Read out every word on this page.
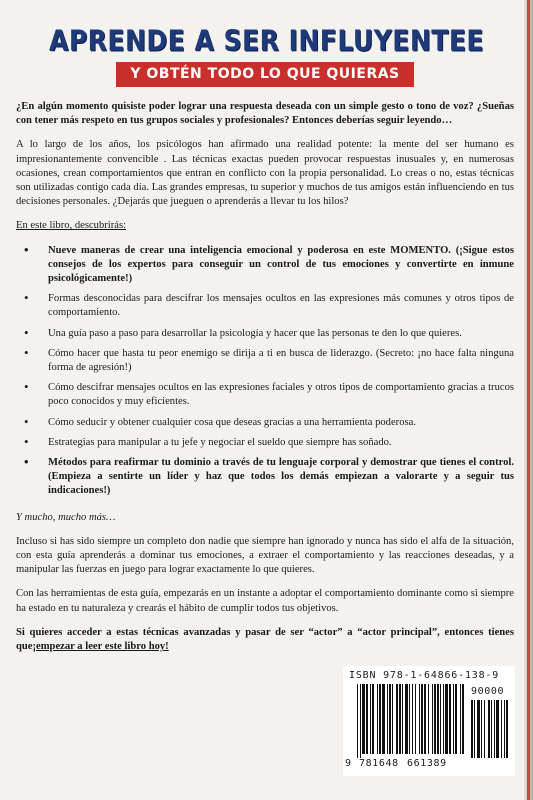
APRENDE A SER INFLUYENTEE
Y OBTÉN TODO LO QUE QUIERAS

¿En algún momento quisiste poder lograr una respuesta deseada con un simple gesto o tono de voz? ¿Sueñas con tener más respeto en tus grupos sociales y profesionales? Entonces deberías seguir leyendo…

A lo largo de los años, los psicólogos han afirmado una realidad potente: la mente del ser humano es impresionantemente convencible . Las técnicas exactas pueden provocar respuestas inusuales y, en numerosas ocasiones, crean comportamientos que entran en conflicto con la propia personalidad. Lo creas o no, estas técnicas son utilizadas contigo cada día. Las grandes empresas, tu superior y muchos de tus amigos están influenciendo en tus decisiones personales. ¿Dejarás que jueguen o aprenderás a llevar tu los hilos?

En este libro, descubrirás:

• Nueve maneras de crear una inteligencia emocional y poderosa en este MOMENTO. (¡Sigue estos consejos de los expertos para conseguir un control de tus emociones y convertirte en inmune psicológicamente!)
• Formas desconocidas para descifrar los mensajes ocultos en las expresiones más comunes y otros tipos de comportamiento.
• Una guía paso a paso para desarrollar la psicología y hacer que las personas te den lo que quieres.
• Cómo hacer que hasta tu peor enemigo se dirija a ti en busca de liderazgo. (Secreto: ¡no hace falta ninguna forma de agresión!)
• Cómo descifrar mensajes ocultos en las expresiones faciales y otros tipos de comportamiento gracias a trucos poco conocidos y muy eficientes.
• Cómo seducir y obtener cualquier cosa que deseas gracias a una herramienta poderosa.
• Estrategias para manipular a tu jefe y negociar el sueldo que siempre has soñado.
• Métodos para reafirmar tu dominio a través de tu lenguaje corporal y demostrar que tienes el control. (Empieza a sentirte un líder y haz que todos los demás empiezan a valorarte y a seguir tus indicaciones!)

Y mucho, mucho más…

Incluso si has sido siempre un completo don nadie que siempre han ignorado y nunca has sido el alfa de la situación, con esta guía aprenderás a dominar tus emociones, a extraer el comportamiento y las reacciones deseadas, y a manipular las fuerzas en juego para lograr exactamente lo que quieres.

Con las herramientas de esta guía, empezarás en un instante a adoptar el comportamiento dominante como si siempre ha estado en tu naturaleza y crearás el hábito de cumplir todos tus objetivos.

Si quieres acceder a estas técnicas avanzadas y pasar de ser “actor” a “actor principal”, entonces tienes que¡empezar a leer este libro hoy!

ISBN 978-1-64866-138-9
9 781648 661389
90000
